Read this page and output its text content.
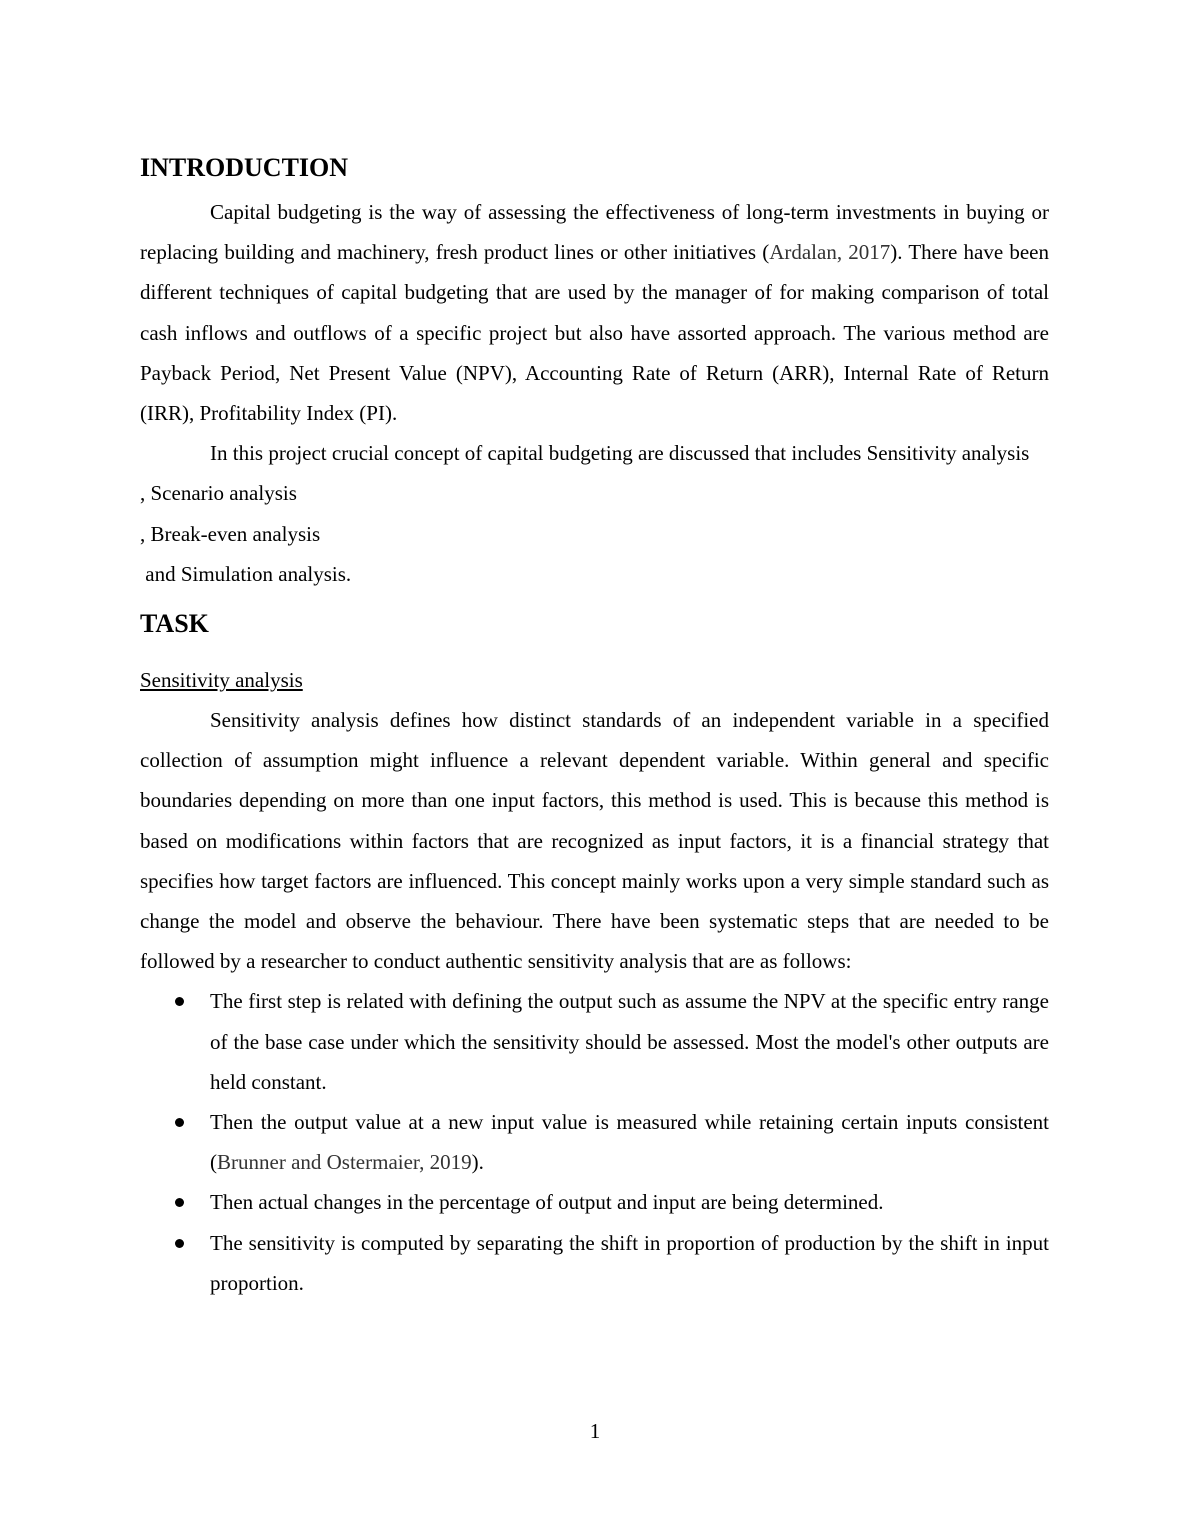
INTRODUCTION

Capital budgeting is the way of assessing the effectiveness of long-term investments in buying or replacing building and machinery, fresh product lines or other initiatives (Ardalan, 2017). There have been different techniques of capital budgeting that are used by the manager of for making comparison of total cash inflows and outflows of a specific project but also have assorted approach. The various method are Payback Period, Net Present Value (NPV), Accounting Rate of Return (ARR), Internal Rate of Return (IRR), Profitability Index (PI).

In this project crucial concept of capital budgeting are discussed that includes Sensitivity analysis

, Scenario analysis

, Break-even analysis

and Simulation analysis.

TASK

Sensitivity analysis

Sensitivity analysis defines how distinct standards of an independent variable in a specified collection of assumption might influence a relevant dependent variable. Within general and specific boundaries depending on more than one input factors, this method is used. This is because this method is based on modifications within factors that are recognized as input factors, it is a financial strategy that specifies how target factors are influenced. This concept mainly works upon a very simple standard such as change the model and observe the behaviour. There have been systematic steps that are needed to be followed by a researcher to conduct authentic sensitivity analysis that are as follows:

The first step is related with defining the output such as assume the NPV at the specific entry range of the base case under which the sensitivity should be assessed. Most the model's other outputs are held constant.
Then the output value at a new input value is measured while retaining certain inputs consistent (Brunner and Ostermaier, 2019).
Then actual changes in the percentage of output and input are being determined.
The sensitivity is computed by separating the shift in proportion of production by the shift in input proportion.
1
